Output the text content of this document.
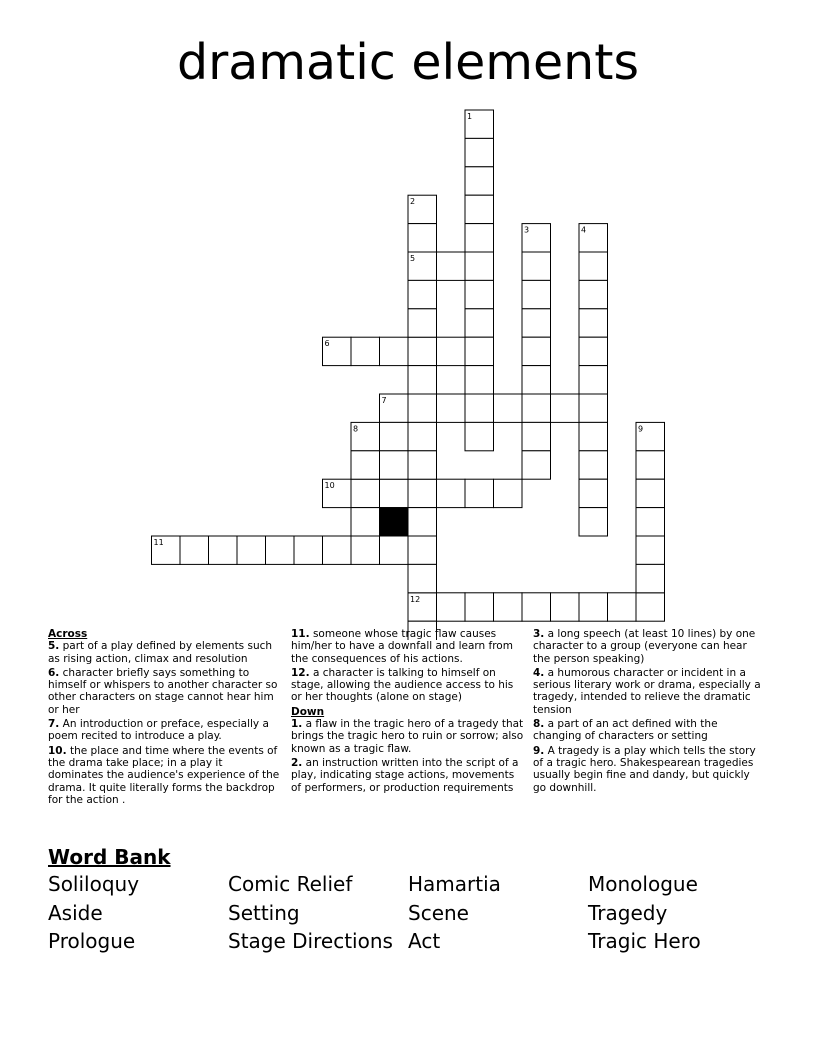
dramatic elements
1
2
3	4
5
6
7
8	9
10
11
12
Across
5. part of a play defined by elements such as rising action, climax and resolution
6. character briefly says something to himself or whispers to another character so other characters on stage cannot hear him or her
7. An introduction or preface, especially a poem recited to introduce a play.
10. the place and time where the events of the drama take place; in a play it dominates the audience's experience of the drama. It quite literally forms the backdrop for the action .
11. someone whose tragic flaw causes him/her to have a downfall and learn from the consequences of his actions.
12. a character is talking to himself on stage, allowing the audience access to his or her thoughts (alone on stage)
Down
1. a flaw in the tragic hero of a tragedy that brings the tragic hero to ruin or sorrow; also known as a tragic flaw.
2. an instruction written into the script of a play, indicating stage actions, movements of performers, or production requirements
3. a long speech (at least 10 lines) by one character to a group (everyone can hear the person speaking)
4. a humorous character or incident in a serious literary work or drama, especially a tragedy, intended to relieve the dramatic tension
8. a part of an act defined with the changing of characters or setting
9. A tragedy is a play which tells the story of a tragic hero. Shakespearean tragedies usually begin fine and dandy, but quickly go downhill.
Word Bank
Soliloquy	Comic Relief	Hamartia	Monologue
Aside	Setting	Scene	Tragedy
Prologue	Stage Directions Act	Tragic Hero
